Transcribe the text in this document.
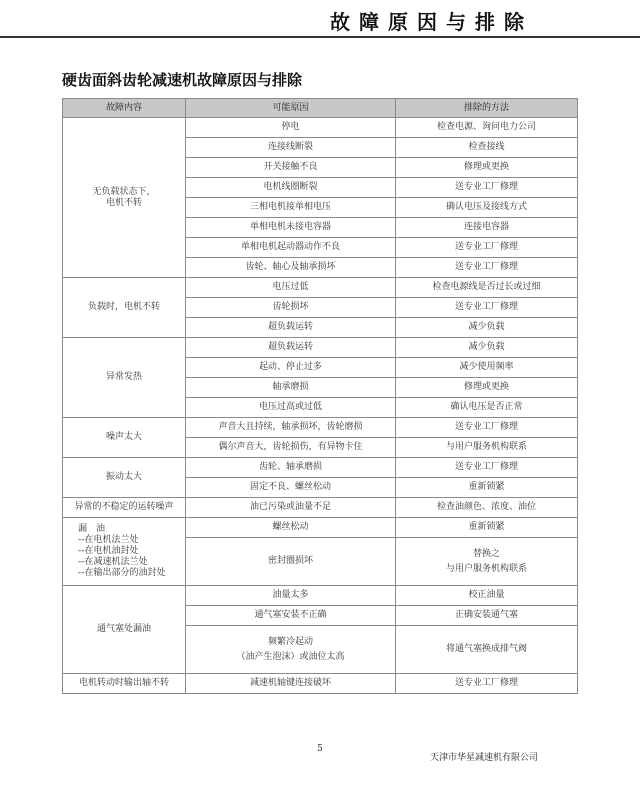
故障原因与排除
硬齿面斜齿轮减速机故障原因与排除
故障内容	可能原因	排除的方法

无负载状态下，
电机不转	停电	检查电源、询问电力公司

	连接线断裂	检查接线

	开关接触不良	修理或更换

	电机线圈断裂	送专业工厂修理

	三相电机接单相电压	确认电压及接线方式

	单相电机未接电容器	连接电容器

	单相电机起动器动作不良	送专业工厂修理

	齿轮、轴心及轴承损坏	送专业工厂修理

负载时，电机不转	电压过低	检查电源线是否过长或过细

	齿轮损坏	送专业工厂修理

	超负载运转	减少负载

异常发热	超负载运转	减少负载

	起动、停止过多	减少使用频率

	轴承磨损	修理或更换

	电压过高或过低	确认电压是否正常

噪声太大	声音大且持续，轴承损坏，齿轮磨损	送专业工厂修理

	偶尔声音大，齿轮损伤，有异物卡住	与用户服务机构联系

振动太大	齿轮、轴承磨损	送专业工厂修理

	固定不良、螺丝松动	重新锁紧

异常的不稳定的运转噪声	油已污染或油量不足	检查油颜色、浓度、油位

漏　油
--在电机法兰处
--在电机油封处
--在减速机法兰处
--在输出部分的油封处	螺丝松动	重新锁紧

	密封圈损坏	替换之
与用户服务机构联系

通气塞处漏油	油量太多	校正油量

	通气塞安装不正确	正确安装通气塞

	频繁冷起动
（油产生泡沫）或油位太高	将通气塞换成排气阀

电机转动时输出轴不转	减速机轴键连接破坏	送专业工厂修理
5
天津市华星减速机有限公司
